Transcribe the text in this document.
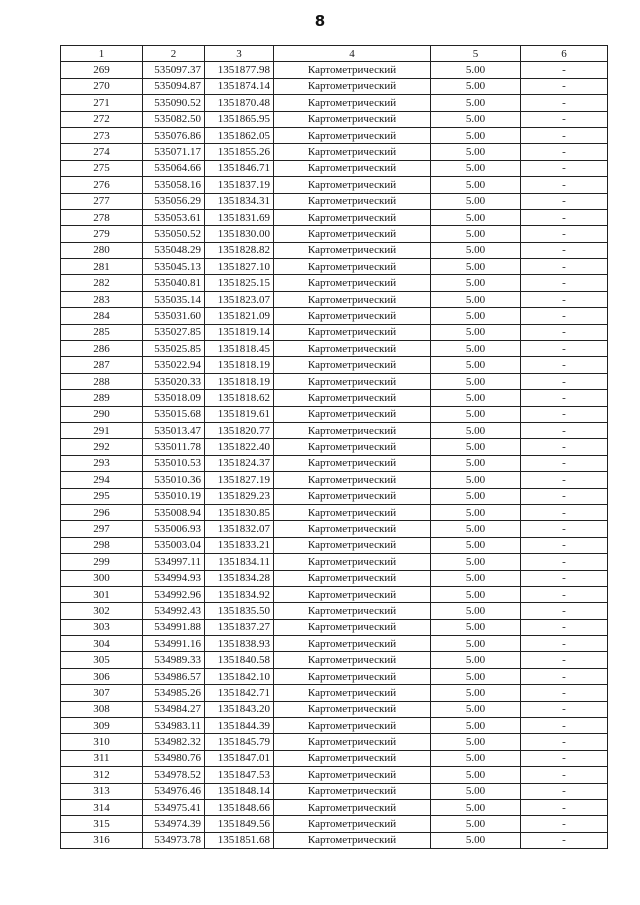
8
1	2	3	4	5	6
269	535097.37	1351877.98	Картометрический	5.00	-
270	535094.87	1351874.14	Картометрический	5.00	-
271	535090.52	1351870.48	Картометрический	5.00	-
272	535082.50	1351865.95	Картометрический	5.00	-
273	535076.86	1351862.05	Картометрический	5.00	-
274	535071.17	1351855.26	Картометрический	5.00	-
275	535064.66	1351846.71	Картометрический	5.00	-
276	535058.16	1351837.19	Картометрический	5.00	-
277	535056.29	1351834.31	Картометрический	5.00	-
278	535053.61	1351831.69	Картометрический	5.00	-
279	535050.52	1351830.00	Картометрический	5.00	-
280	535048.29	1351828.82	Картометрический	5.00	-
281	535045.13	1351827.10	Картометрический	5.00	-
282	535040.81	1351825.15	Картометрический	5.00	-
283	535035.14	1351823.07	Картометрический	5.00	-
284	535031.60	1351821.09	Картометрический	5.00	-
285	535027.85	1351819.14	Картометрический	5.00	-
286	535025.85	1351818.45	Картометрический	5.00	-
287	535022.94	1351818.19	Картометрический	5.00	-
288	535020.33	1351818.19	Картометрический	5.00	-
289	535018.09	1351818.62	Картометрический	5.00	-
290	535015.68	1351819.61	Картометрический	5.00	-
291	535013.47	1351820.77	Картометрический	5.00	-
292	535011.78	1351822.40	Картометрический	5.00	-
293	535010.53	1351824.37	Картометрический	5.00	-
294	535010.36	1351827.19	Картометрический	5.00	-
295	535010.19	1351829.23	Картометрический	5.00	-
296	535008.94	1351830.85	Картометрический	5.00	-
297	535006.93	1351832.07	Картометрический	5.00	-
298	535003.04	1351833.21	Картометрический	5.00	-
299	534997.11	1351834.11	Картометрический	5.00	-
300	534994.93	1351834.28	Картометрический	5.00	-
301	534992.96	1351834.92	Картометрический	5.00	-
302	534992.43	1351835.50	Картометрический	5.00	-
303	534991.88	1351837.27	Картометрический	5.00	-
304	534991.16	1351838.93	Картометрический	5.00	-
305	534989.33	1351840.58	Картометрический	5.00	-
306	534986.57	1351842.10	Картометрический	5.00	-
307	534985.26	1351842.71	Картометрический	5.00	-
308	534984.27	1351843.20	Картометрический	5.00	-
309	534983.11	1351844.39	Картометрический	5.00	-
310	534982.32	1351845.79	Картометрический	5.00	-
311	534980.76	1351847.01	Картометрический	5.00	-
312	534978.52	1351847.53	Картометрический	5.00	-
313	534976.46	1351848.14	Картометрический	5.00	-
314	534975.41	1351848.66	Картометрический	5.00	-
315	534974.39	1351849.56	Картометрический	5.00	-
316	534973.78	1351851.68	Картометрический	5.00	-
